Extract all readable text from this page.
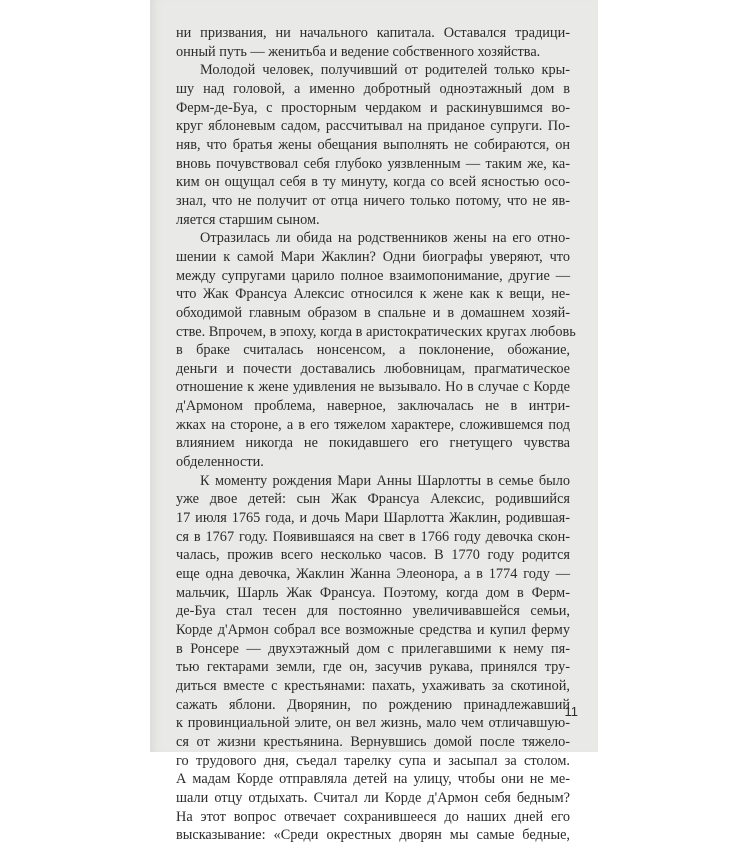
ни призвания, ни начального капитала. Оставался традици-
онный путь — женитьба и ведение собственного хозяйства.
Молодой человек, получивший от родителей только кры-
шу над головой, а именно добротный одноэтажный дом в
Ферм-де-Буа, с просторным чердаком и раскинувшимся во-
круг яблоневым садом, рассчитывал на приданое супруги. По-
няв, что братья жены обещания выполнять не собираются, он
вновь почувствовал себя глубоко уязвленным — таким же, ка-
ким он ощущал себя в ту минуту, когда со всей ясностью осо-
знал, что не получит от отца ничего только потому, что не яв-
ляется старшим сыном.
Отразилась ли обида на родственников жены на его отно-
шении к самой Мари Жаклин? Одни биографы уверяют, что
между супругами царило полное взаимопонимание, другие —
что Жак Франсуа Алексис относился к жене как к вещи, не-
обходимой главным образом в спальне и в домашнем хозяй-
стве. Впрочем, в эпоху, когда в аристократических кругах любовь
в браке считалась нонсенсом, а поклонение, обожание,
деньги и почести доставались любовницам, прагматическое
отношение к жене удивления не вызывало. Но в случае с Корде
д'Армоном проблема, наверное, заключалась не в интри-
жках на стороне, а в его тяжелом характере, сложившемся под
влиянием никогда не покидавшего его гнетущего чувства
обделенности.
К моменту рождения Мари Анны Шарлотты в семье было
уже двое детей: сын Жак Франсуа Алексис, родившийся
17 июля 1765 года, и дочь Мари Шарлотта Жаклин, родившая-
ся в 1767 году. Появившаяся на свет в 1766 году девочка скон-
чалась, прожив всего несколько часов. В 1770 году родится
еще одна девочка, Жаклин Жанна Элеонора, а в 1774 году —
мальчик, Шарль Жак Франсуа. Поэтому, когда дом в Ферм-
де-Буа стал тесен для постоянно увеличивавшейся семьи,
Корде д'Армон собрал все возможные средства и купил ферму
в Ронсере — двухэтажный дом с прилегавшими к нему пя-
тью гектарами земли, где он, засучив рукава, принялся тру-
диться вместе с крестьянами: пахать, ухаживать за скотиной,
сажать яблони. Дворянин, по рождению принадлежавший
к провинциальной элите, он вел жизнь, мало чем отличавшую-
ся от жизни крестьянина. Вернувшись домой после тяжело-
го трудового дня, съедал тарелку супа и засыпал за столом.
А мадам Корде отправляла детей на улицу, чтобы они не ме-
шали отцу отдыхать. Считал ли Корде д'Армон себя бедным?
На этот вопрос отвечает сохранившееся до наших дней его
высказывание: «Среди окрестных дворян мы самые бедные,
11
